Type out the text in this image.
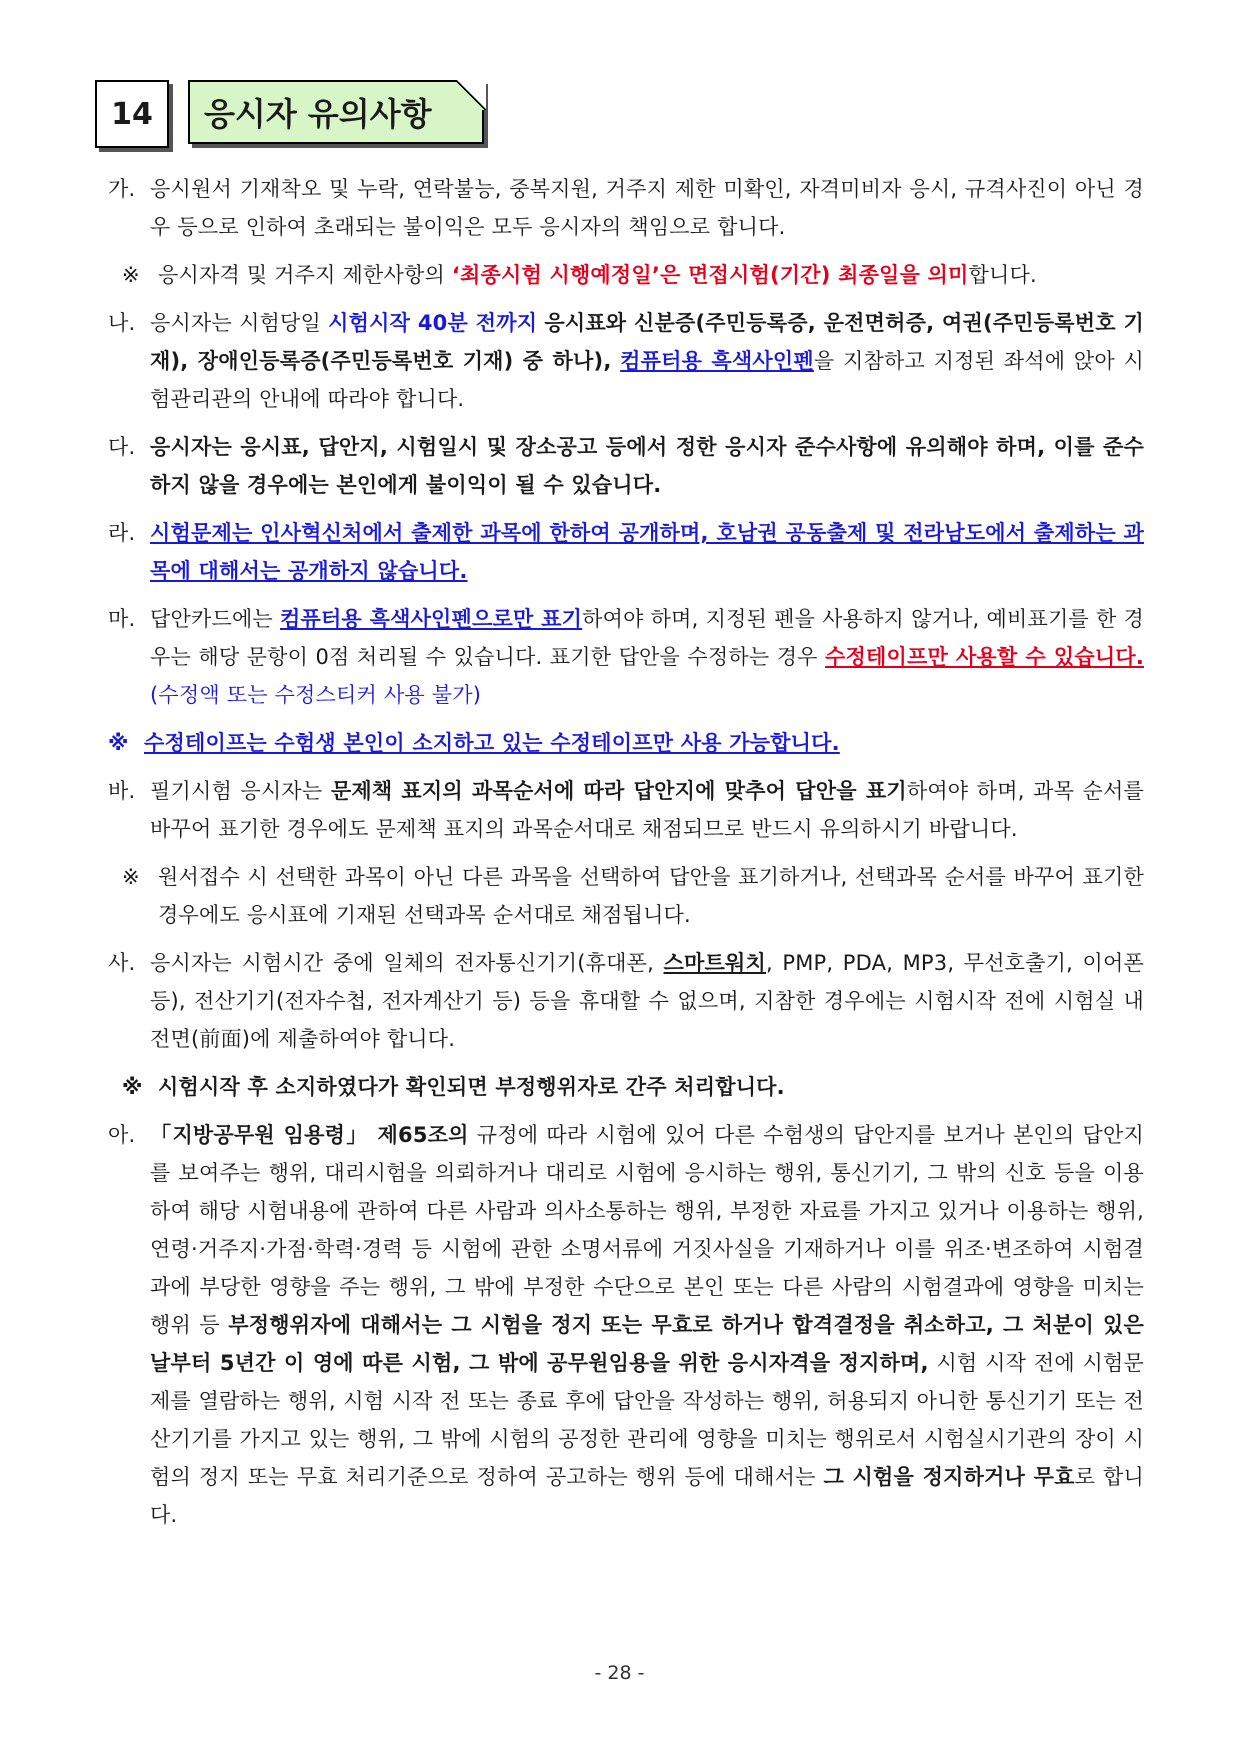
14	응시자 유의사항
가. 응시원서 기재착오 및 누락, 연락불능, 중복지원, 거주지 제한 미확인, 자격미비자 응시, 규격사진이 아닌 경우 등으로 인하여 초래되는 불이익은 모두 응시자의 책임으로 합니다.
※ 응시자격 및 거주지 제한사항의 ‘최종시험 시행예정일’은 면접시험(기간) 최종일을 의미합니다.
나. 응시자는 시험당일 시험시작 40분 전까지 응시표와 신분증(주민등록증, 운전면허증, 여권(주민등록번호 기재), 장애인등록증(주민등록번호 기재) 중 하나), 컴퓨터용 흑색사인펜을 지참하고 지정된 좌석에 앉아 시험관리관의 안내에 따라야 합니다.
다. 응시자는 응시표, 답안지, 시험일시 및 장소공고 등에서 정한 응시자 준수사항에 유의해야 하며, 이를 준수하지 않을 경우에는 본인에게 불이익이 될 수 있습니다.
라. 시험문제는 인사혁신처에서 출제한 과목에 한하여 공개하며, 호남권 공동출제 및 전라남도에서 출제하는 과목에 대해서는 공개하지 않습니다.
마. 답안카드에는 컴퓨터용 흑색사인펜으로만 표기하여야 하며, 지정된 펜을 사용하지 않거나, 예비표기를 한 경우는 해당 문항이 0점 처리될 수 있습니다. 표기한 답안을 수정하는 경우 수정테이프만 사용할 수 있습니다.(수정액 또는 수정스티커 사용 불가)
※ 수정테이프는 수험생 본인이 소지하고 있는 수정테이프만 사용 가능합니다.
바. 필기시험 응시자는 문제책 표지의 과목순서에 따라 답안지에 맞추어 답안을 표기하여야 하며, 과목 순서를 바꾸어 표기한 경우에도 문제책 표지의 과목순서대로 채점되므로 반드시 유의하시기 바랍니다.
※ 원서접수 시 선택한 과목이 아닌 다른 과목을 선택하여 답안을 표기하거나, 선택과목 순서를 바꾸어 표기한 경우에도 응시표에 기재된 선택과목 순서대로 채점됩니다.
사. 응시자는 시험시간 중에 일체의 전자통신기기(휴대폰, 스마트워치, PMP, PDA, MP3, 무선호출기, 이어폰 등), 전산기기(전자수첩, 전자계산기 등) 등을 휴대할 수 없으며, 지참한 경우에는 시험시작 전에 시험실 내 전면(前面)에 제출하여야 합니다.
※ 시험시작 후 소지하였다가 확인되면 부정행위자로 간주 처리합니다.
아. 「지방공무원 임용령」 제65조의 규정에 따라 시험에 있어 다른 수험생의 답안지를 보거나 본인의 답안지를 보여주는 행위, 대리시험을 의뢰하거나 대리로 시험에 응시하는 행위, 통신기기, 그 밖의 신호 등을 이용하여 해당 시험내용에 관하여 다른 사람과 의사소통하는 행위, 부정한 자료를 가지고 있거나 이용하는 행위, 연령·거주지·가점·학력·경력 등 시험에 관한 소명서류에 거짓사실을 기재하거나 이를 위조·변조하여 시험결과에 부당한 영향을 주는 행위, 그 밖에 부정한 수단으로 본인 또는 다른 사람의 시험결과에 영향을 미치는 행위 등 부정행위자에 대해서는 그 시험을 정지 또는 무효로 하거나 합격결정을 취소하고, 그 처분이 있은 날부터 5년간 이 영에 따른 시험, 그 밖에 공무원임용을 위한 응시자격을 정지하며, 시험 시작 전에 시험문제를 열람하는 행위, 시험 시작 전 또는 종료 후에 답안을 작성하는 행위, 허용되지 아니한 통신기기 또는 전산기기를 가지고 있는 행위, 그 밖에 시험의 공정한 관리에 영향을 미치는 행위로서 시험실시기관의 장이 시험의 정지 또는 무효 처리기준으로 정하여 공고하는 행위 등에 대해서는 그 시험을 정지하거나 무효로 합니다.
- 28 -
